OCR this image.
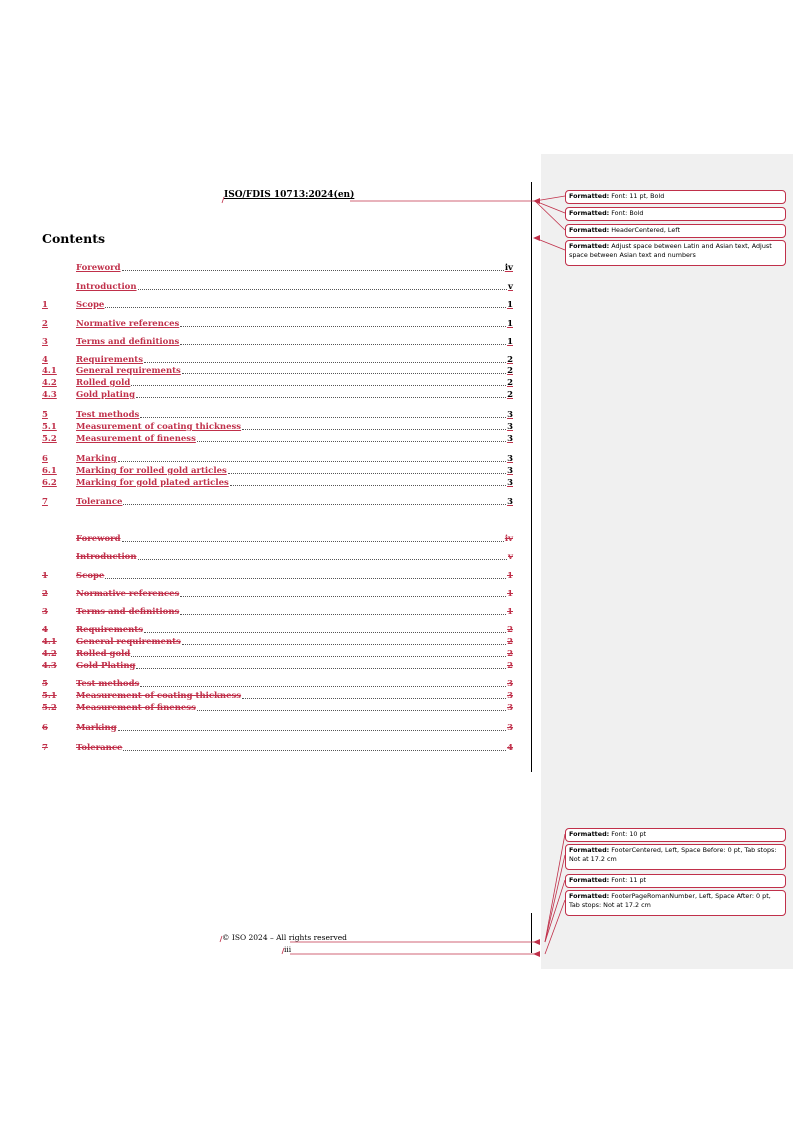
ISO/FDIS 10713:2024(en)
Contents
Foreword	iv
Introduction	v
1	Scope	1
2	Normative references	1
3	Terms and definitions	1
4	Requirements	2
4.1	General requirements	2
4.2	Rolled gold	2
4.3	Gold plating	2
5	Test methods	3
5.1	Measurement of coating thickness	3
5.2	Measurement of fineness	3
6	Marking	3
6.1	Marking for rolled gold articles	3
6.2	Marking for gold plated articles	3
7	Tolerance	3
Foreword	iv
Introduction	v
1	Scope	1
2	Normative references	1
3	Terms and definitions	1
4	Requirements	2
4.1	General requirements	2
4.2	Rolled gold	2
4.3	Gold Plating	2
5	Test methods	3
5.1	Measurement of coating thickness	3
5.2	Measurement of fineness	3
6	Marking	3
7	Tolerance	4
© ISO 2024 – All rights reserved
iii
Formatted: Font: 11 pt, Bold
Formatted: Font: Bold
Formatted: HeaderCentered, Left
Formatted: Adjust space between Latin and Asian text, Adjust space between Asian text and numbers
Formatted: Font: 10 pt
Formatted: FooterCentered, Left, Space Before: 0 pt, Tab stops: Not at 17.2 cm
Formatted: Font: 11 pt
Formatted: FooterPageRomanNumber, Left, Space After: 0 pt, Tab stops: Not at 17.2 cm
